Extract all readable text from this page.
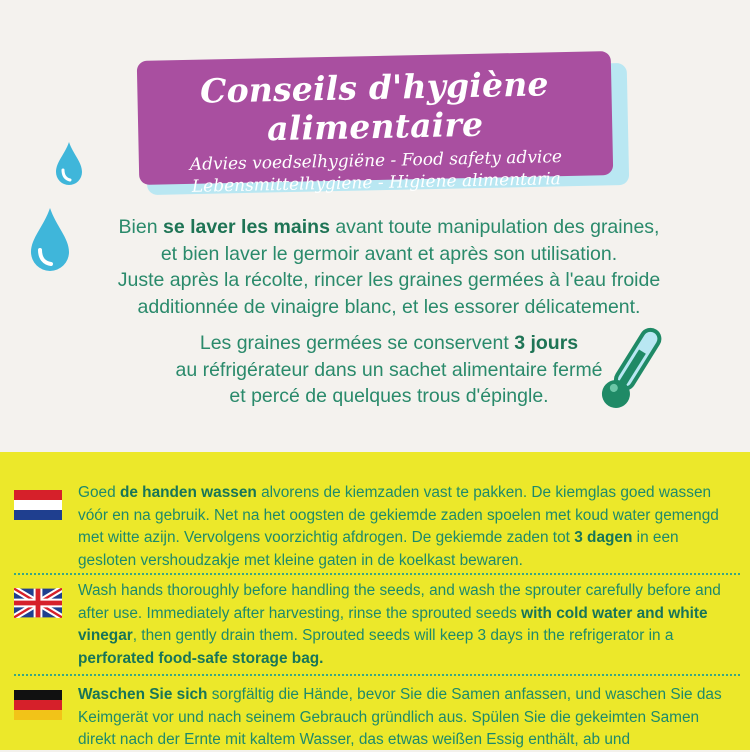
Conseils d'hygiène alimentaire
Advies voedselhygiëne - Food safety advice
Lebensmittelhygiene - Higiene alimentaria
Bien se laver les mains avant toute manipulation des graines,
et bien laver le germoir avant et après son utilisation.
Juste après la récolte, rincer les graines germées à l'eau froide
additionnée de vinaigre blanc, et les essorer délicatement.
Les graines germées se conservent 3 jours
au réfrigérateur dans un sachet alimentaire fermé
et percé de quelques trous d'épingle.
Goed de handen wassen alvorens de kiemzaden vast te pakken. De kiemglas goed wassen vóór en na gebruik. Net na het oogsten de gekiemde zaden spoelen met koud water gemengd met witte azijn. Vervolgens voorzichtig afdrogen. De gekiemde zaden tot 3 dagen in een gesloten vershoudzakje met kleine gaten in de koelkast bewaren.
Wash hands thoroughly before handling the seeds, and wash the sprouter carefully before and after use. Immediately after harvesting, rinse the sprouted seeds with cold water and white vinegar, then gently drain them. Sprouted seeds will keep 3 days in the refrigerator in a perforated food-safe storage bag.
Waschen Sie sich sorgfältig die Hände, bevor Sie die Samen anfassen, und waschen Sie das Keimgerät vor und nach seinem Gebrauch gründlich aus. Spülen Sie die gekeimten Samen direkt nach der Ernte mit kaltem Wasser, das etwas weißen Essig enthält, ab und
